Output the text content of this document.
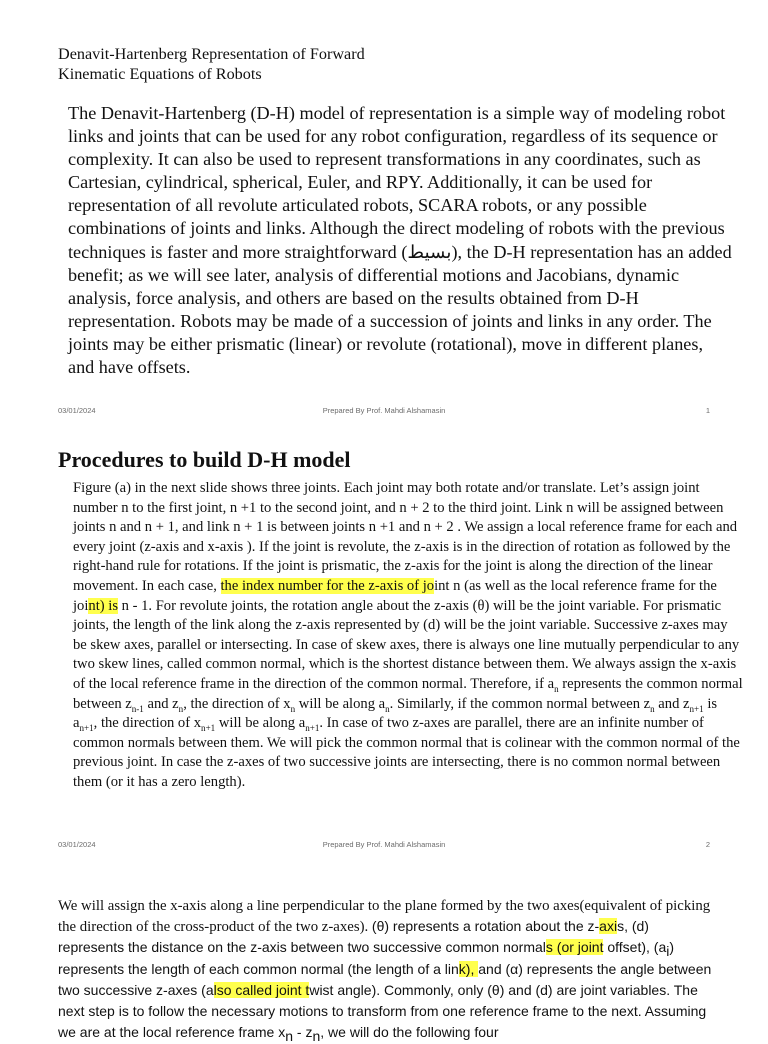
Denavit-Hartenberg Representation of Forward
Kinematic Equations of Robots
The Denavit-Hartenberg (D-H) model of representation is a simple way of modeling robot links and joints that can be used for any robot configuration, regardless of its sequence or complexity. It can also be used to represent transformations in any coordinates, such as Cartesian, cylindrical, spherical, Euler, and RPY. Additionally, it can be used for representation of all revolute articulated robots, SCARA robots, or any possible combinations of joints and links. Although the direct modeling of robots with the previous techniques is faster and more straightforward (بسيط), the D-H representation has an added benefit; as we will see later, analysis of differential motions and Jacobians, dynamic analysis, force analysis, and others are based on the results obtained from D-H representation. Robots may be made of a succession of joints and links in any order. The joints may be either prismatic (linear) or revolute (rotational), move in different planes, and have offsets.
03/01/2024	Prepared By Prof. Mahdi Alshamasin	1
Procedures to build D-H model
Figure (a) in the next slide shows three joints. Each joint may both rotate and/or translate. Let’s assign joint number n to the first joint, n +1 to the second joint, and n + 2 to the third joint. Link n will be assigned between joints n and n + 1, and link n + 1 is between joints n +1 and n + 2 . We assign a local reference frame for each and every joint (z-axis and x-axis ). If the joint is revolute, the z-axis is in the direction of rotation as followed by the right-hand rule for rotations. If the joint is prismatic, the z-axis for the joint is along the direction of the linear movement. In each case, the index number for the z-axis of joint n (as well as the local reference frame for the joint) is n - 1. For revolute joints, the rotation angle about the z-axis (θ) will be the joint variable. For prismatic joints, the length of the link along the z-axis represented by (d) will be the joint variable. Successive z-axes may be skew axes, parallel or intersecting. In case of skew axes, there is always one line mutually perpendicular to any two skew lines, called common normal, which is the shortest distance between them. We always assign the x-axis of the local reference frame in the direction of the common normal. Therefore, if $a_n$ represents the common normal between $z_{n-1}$ and $z_n$, the direction of $x_n$ will be along $a_n$. Similarly, if the common normal between $z_n$ and $z_{n+1}$ is $a_{n+1}$, the direction of $x_{n+1}$ will be along $a_{n+1}$. In case of two z-axes are parallel, there are an infinite number of common normals between them. We will pick the common normal that is colinear with the common normal of the previous joint. In case the z-axes of two successive joints are intersecting, there is no common normal between them (or it has a zero length).
03/01/2024	Prepared By Prof. Mahdi Alshamasin	2
We will assign the x-axis along a line perpendicular to the plane formed by the two axes(equivalent of picking the direction of the cross-product of the two z-axes). (θ) represents a rotation about the z-axis, (d) represents the distance on the z-axis between two successive common normals (or joint offset), $(a_i)$ represents the length of each common normal (the length of a link), and (α) represents the angle between two successive z-axes (also called joint twist angle). Commonly, only (θ) and (d) are joint variables. The next step is to follow the necessary motions to transform from one reference frame to the next. Assuming we are at the local reference frame $x_n - z_n$, we will do the following four
